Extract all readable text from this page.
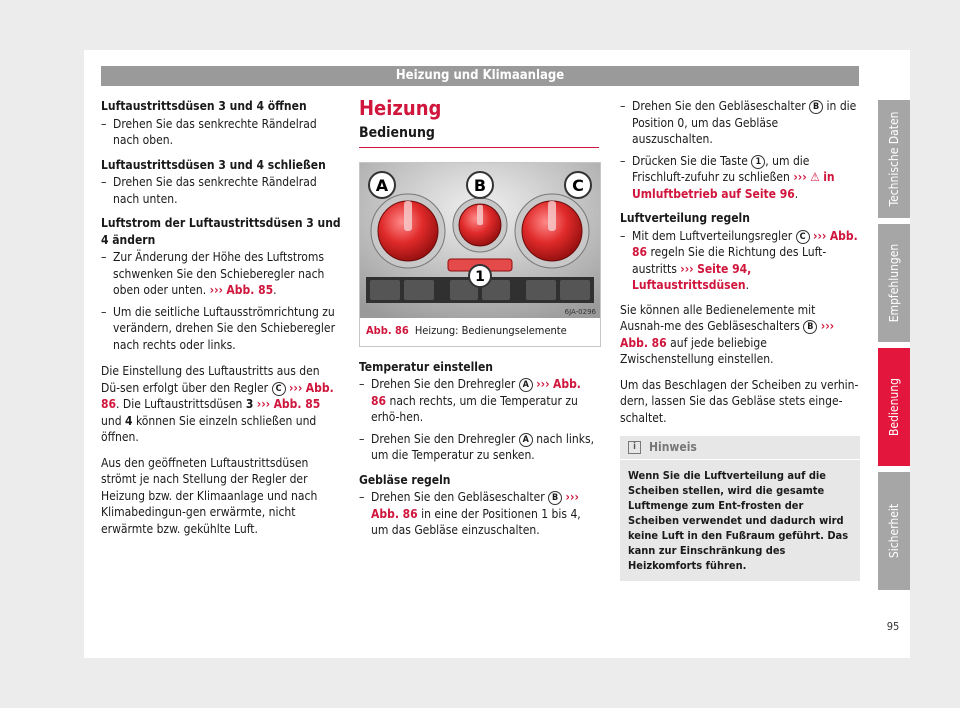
Heizung und Klimaanlage
Luftaustrittsdüsen 3 und 4 öffnen
– Drehen Sie das senkrechte Rändelrad nach oben.
Luftaustrittsdüsen 3 und 4 schließen
– Drehen Sie das senkrechte Rändelrad nach unten.
Luftstrom der Luftaustrittsdüsen 3 und 4 ändern
– Zur Änderung der Höhe des Luftstroms schwenken Sie den Schieberegler nach oben oder unten. ››› Abb. 85.
– Um die seitliche Luftausströmrichtung zu verändern, drehen Sie den Schieberegler nach rechts oder links.
Die Einstellung des Luftaustritts aus den Dü-sen erfolgt über den Regler C ››› Abb. 86. Die Luftaustrittsdüsen 3 ››› Abb. 85 und 4 können Sie einzeln schließen und öffnen.
Aus den geöffneten Luftaustrittsdüsen strömt je nach Stellung der Regler der Heizung bzw. der Klimaanlage und nach Klimabedingun-gen erwärmte, nicht erwärmte bzw. gekühlte Luft.
Heizung
Bedienung
A	B	C
1
6JA-0296
Abb. 86 Heizung: Bedienungselemente
Temperatur einstellen
– Drehen Sie den Drehregler A ››› Abb. 86 nach rechts, um die Temperatur zu erhö-hen.
– Drehen Sie den Drehregler A nach links, um die Temperatur zu senken.
Gebläse regeln
– Drehen Sie den Gebläseschalter B ››› Abb. 86 in eine der Positionen 1 bis 4, um das Gebläse einzuschalten.
– Drehen Sie den Gebläseschalter B in die Position 0, um das Gebläse auszuschalten.
– Drücken Sie die Taste 1 , um die Frischluft-zufuhr zu schließen ››› ⚠ in Umluftbetrieb auf Seite 96.
Luftverteilung regeln
– Mit dem Luftverteilungsregler C ››› Abb. 86 regeln Sie die Richtung des Luft-austritts ››› Seite 94, Luftaustrittsdüsen.
Sie können alle Bedienelemente mit Ausnah-me des Gebläseschalters B ››› Abb. 86 auf jede beliebige Zwischenstellung einstellen.
Um das Beschlagen der Scheiben zu verhin-dern, lassen Sie das Gebläse stets einge-schaltet.
i	Hinweis
Wenn Sie die Luftverteilung auf die Scheiben stellen, wird die gesamte Luftmenge zum Ent-frosten der Scheiben verwendet und dadurch wird keine Luft in den Fußraum geführt. Das kann zur Einschränkung des Heizkomforts führen.
Technische Daten
Empfehlungen
Bedienung
Sicherheit
95
